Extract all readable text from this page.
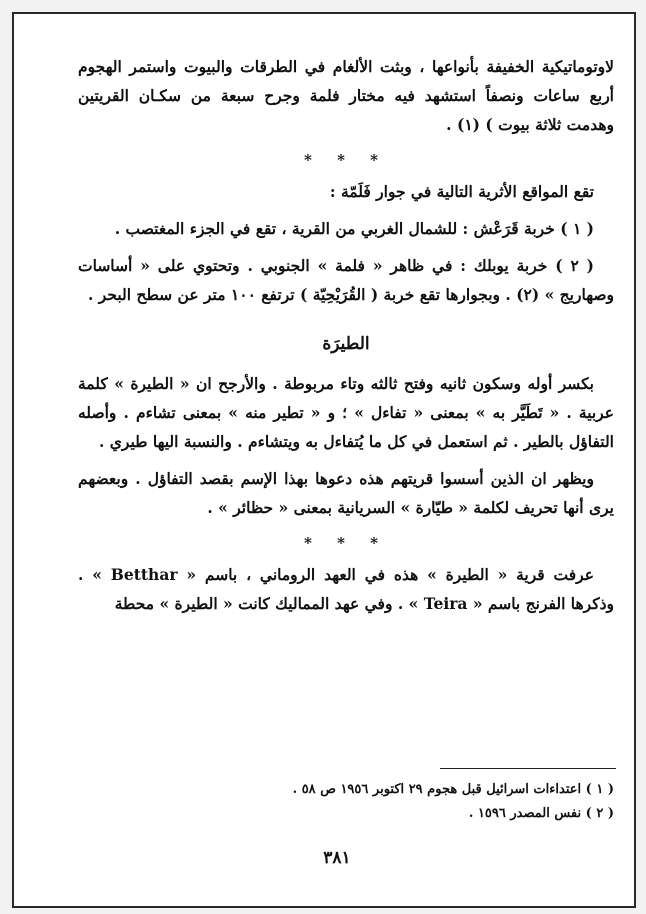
لاوتوماتيكية الخفيفة بأنواعها ، وبثت الألغام في الطرقات والبيوت واستمر الهجوم أربع ساعات ونصفاً استشهد فيه مختار فلمة وجرح سبعة من سكـان القريتين وهدمت ثلاثة بيوت ) (١) .

* * *

تقع المواقع الأثرية التالية في جوار فَلَمّة :

( ١ ) خربة قَرَعْش : للشمال الغربي من القرية ، تقع في الجزء المغتصب .

( ٢ ) خربة يوبلك : في ظاهر « فلمة » الجنوبي . وتحتوي على « أساسات وصهاريج » (٢) . وبجوارها تقع خربة ( القُرَيْحِيّة ) ترتفع ١٠٠ متر عن سطح البحر .

الطيرَة

بكسر أوله وسكون ثانيه وفتح ثالثه وتاء مربوطة . والأرجح ان « الطيرة » كلمة عربية . « تَطَيَّر به » بمعنى « تفاءل » ؛ و « تطير منه » بمعنى تشاءم . وأصله التفاؤل بالطير . ثم استعمل في كل ما يُتفاءل به ويتشاءم . والنسبة اليها طيري .

ويظهر ان الذين أسسوا قريتهم هذه دعوها بهذا الإسم بقصد التفاؤل . وبعضهم يرى أنها تحريف لكلمة « طيّارة » السريانية بمعنى « حظائر » .

* * *

عرفت قرية « الطيرة » هذه في العهد الروماني ، باسم « Betthar » . وذكرها الفرنج باسم « Teira » . وفي عهد المماليك كانت « الطيرة » محطة

( ١ ) اعتداءات اسرائيل قبل هجوم ٢٩ اكتوبر ١٩٥٦ ص ٥٨ .
( ٢ ) نفس المصدر ١٥٩٦ .
٣٨١
